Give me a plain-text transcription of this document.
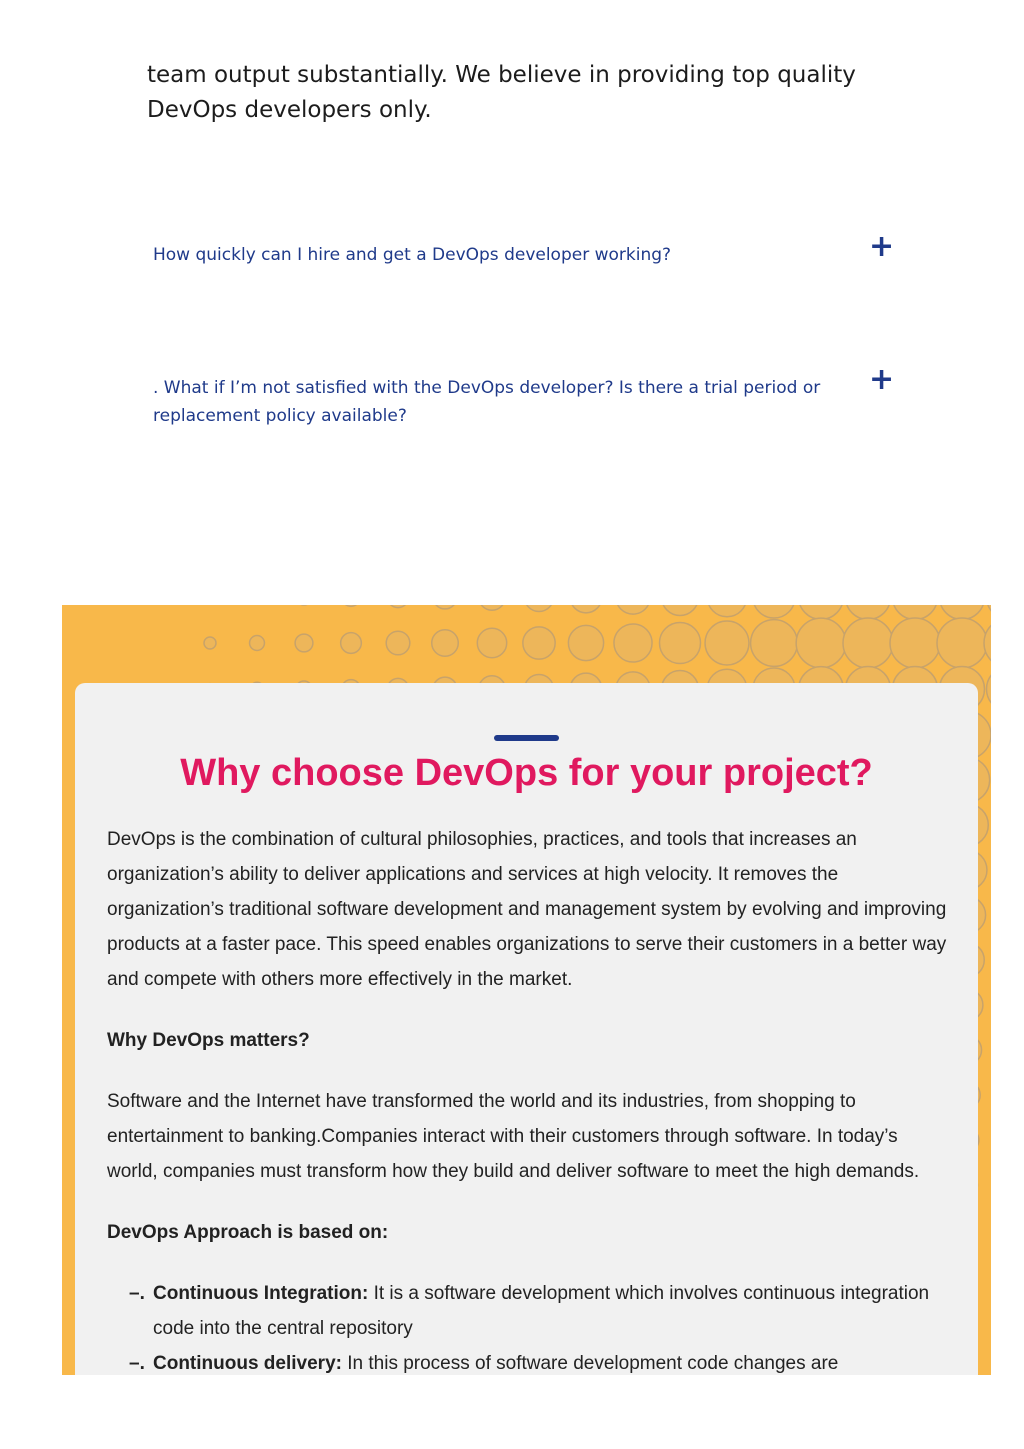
team output substantially. We believe in providing top quality DevOps developers only.

How quickly can I hire and get a DevOps developer working?	+

. What if I’m not satisfied with the DevOps developer? Is there a trial period or replacement policy available?

+
Why choose DevOps for your project?

DevOps is the combination of cultural philosophies, practices, and tools that increases an organization’s ability to deliver applications and services at high velocity. It removes the organization’s traditional software development and management system by evolving and improving products at a faster pace. This speed enables organizations to serve their customers in a better way and compete with others more effectively in the market.

Why DevOps matters?

Software and the Internet have transformed the world and its industries, from shopping to entertainment to banking.Companies interact with their customers through software. In today’s world, companies must transform how they build and deliver software to meet the high demands.

DevOps Approach is based on:

–. Continuous Integration: It is a software development which involves continuous integration code into the central repository
–. Continuous delivery: In this process of software development code changes are
